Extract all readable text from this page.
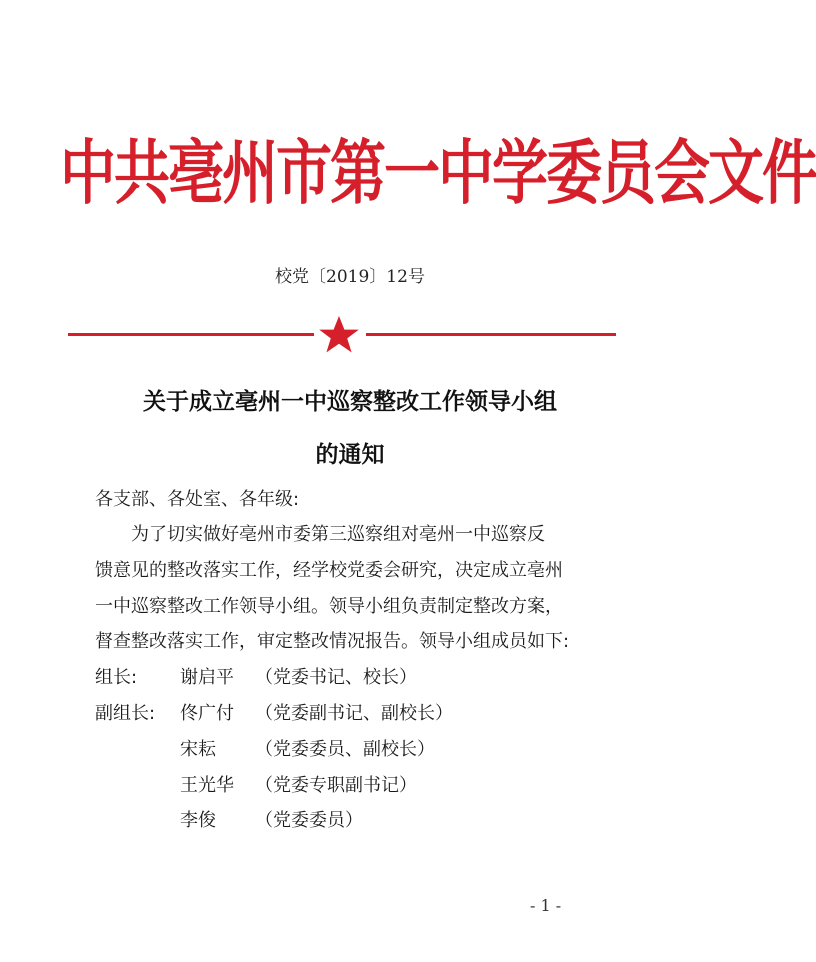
中共亳州市第一中学委员会文件
校党〔2019〕12号
关于成立亳州一中巡察整改工作领导小组
的通知
各支部、各处室、各年级:
　　为了切实做好亳州市委第三巡察组对亳州一中巡察反
馈意见的整改落实工作，经学校党委会研究，决定成立亳州
一中巡察整改工作领导小组。领导小组负责制定整改方案，
督查整改落实工作，审定整改情况报告。领导小组成员如下:
组长: 谢启平 （党委书记、校长）
副组长: 佟广付 （党委副书记、副校长）
宋耘 （党委委员、副校长）
王光华 （党委专职副书记）
李俊 （党委委员）
- 1 -
